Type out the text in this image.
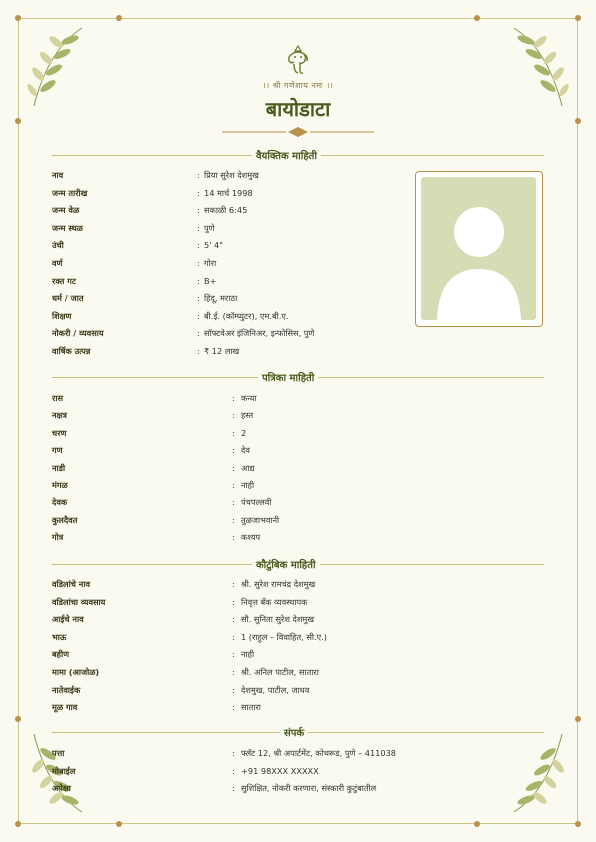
।। श्री गणेशाय नमः ।।
बायोडाटा
वैयक्तिक माहिती
नाव	: प्रिया सुरेश देशमुख
जन्म तारीख	: 14 मार्च 1998
जन्म वेळ	: सकाळी 6:45
जन्म स्थळ	: पुणे
उंची	: 5' 4"
वर्ण	: गोरा
रक्त गट	: B+
धर्म / जात	: हिंदू, मराठा
शिक्षण	: बी.ई. (कॉम्प्युटर), एम.बी.ए.
नोकरी / व्यवसाय	: सॉफ्टवेअर इंजिनिअर, इन्फोसिस, पुणे
वार्षिक उत्पन्न	: ₹ 12 लाख
पत्रिका माहिती
रास	: कन्या
नक्षत्र	: हस्त
चरण	: 2
गण	: देव
नाडी	: आद्य
मंगळ	: नाही
देवक	: पंचपल्लवी
कुलदैवत	: तुळजाभवानी
गोत्र	: कश्यप
कौटुंबिक माहिती
वडिलांचे नाव	: श्री. सुरेश रामचंद्र देशमुख
वडिलांचा व्यवसाय	: निवृत्त बँक व्यवस्थापक
आईचे नाव	: सौ. सुनिता सुरेश देशमुख
भाऊ	: 1 (राहुल – विवाहित, सी.ए.)
बहीण	: नाही
मामा (आजोळ)	: श्री. अनिल पाटील, सातारा
नातेवाईक	: देशमुख, पाटील, जाधव
मूळ गाव	: सातारा
संपर्क
पत्ता	: फ्लॅट 12, श्री अपार्टमेंट, कोथरूड, पुणे – 411038
मोबाईल	: +91 98XXX XXXXX
अपेक्षा	: सुशिक्षित, नोकरी करणारा, संस्कारी कुटुंबातील
